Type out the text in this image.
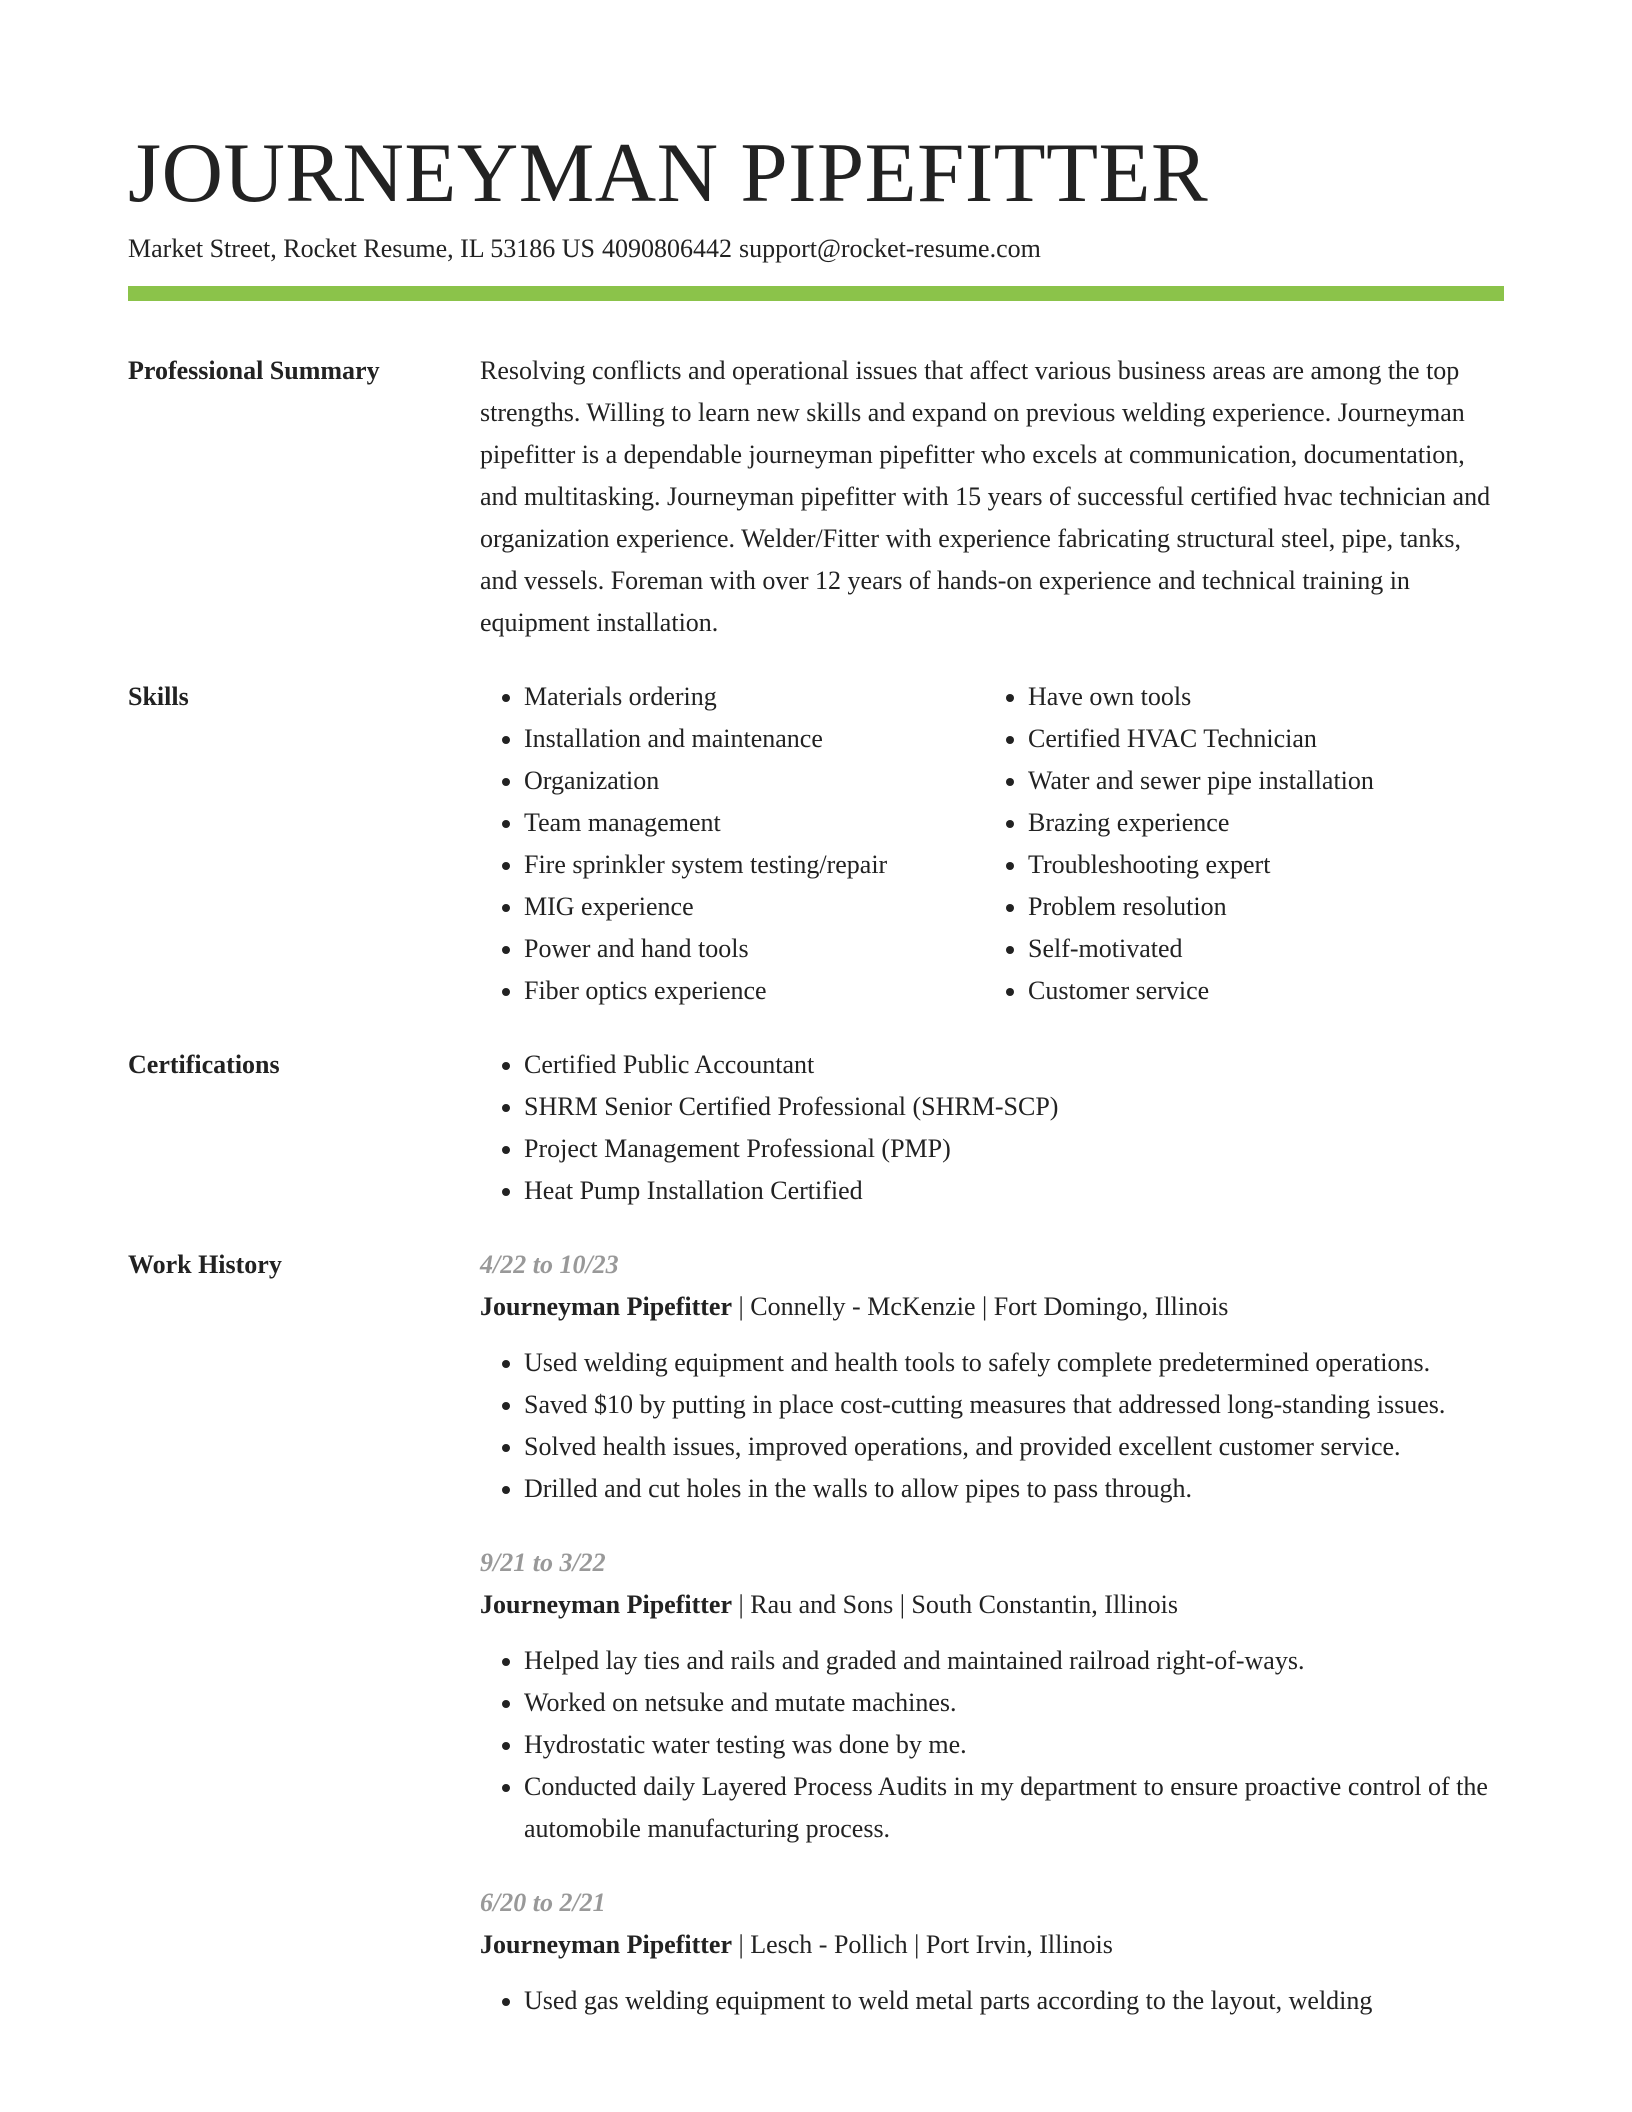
JOURNEYMAN PIPEFITTER
Market Street, Rocket Resume, IL 53186 US 4090806442 support@rocket-resume.com
Professional Summary	Resolving conflicts and operational issues that affect various business areas are among the top strengths. Willing to learn new skills and expand on previous welding experience. Journeyman pipefitter is a dependable journeyman pipefitter who excels at communication, documentation, and multitasking. Journeyman pipefitter with 15 years of successful certified hvac technician and organization experience. Welder/Fitter with experience fabricating structural steel, pipe, tanks, and vessels. Foreman with over 12 years of hands-on experience and technical training in equipment installation.

Skills	• Materials ordering
• Installation and maintenance
• Organization
• Team management
• Fire sprinkler system testing/repair
• MIG experience
• Power and hand tools
• Fiber optics experience
• Have own tools
• Certified HVAC Technician
• Water and sewer pipe installation
• Brazing experience
• Troubleshooting expert
• Problem resolution
• Self-motivated
• Customer service
Certifications	• Certified Public Accountant
• SHRM Senior Certified Professional (SHRM-SCP)
• Project Management Professional (PMP)
• Heat Pump Installation Certified
Work History	4/22 to 10/23
Journeyman Pipefitter | Connelly - McKenzie | Fort Domingo, Illinois
• Used welding equipment and health tools to safely complete predetermined operations.
• Saved $10 by putting in place cost-cutting measures that addressed long-standing issues.
• Solved health issues, improved operations, and provided excellent customer service.
• Drilled and cut holes in the walls to allow pipes to pass through.
9/21 to 3/22
Journeyman Pipefitter | Rau and Sons | South Constantin, Illinois
• Helped lay ties and rails and graded and maintained railroad right-of-ways.
• Worked on netsuke and mutate machines.
• Hydrostatic water testing was done by me.
• Conducted daily Layered Process Audits in my department to ensure proactive control of the automobile manufacturing process.
6/20 to 2/21
Journeyman Pipefitter | Lesch - Pollich | Port Irvin, Illinois
• Used gas welding equipment to weld metal parts according to the layout, welding
